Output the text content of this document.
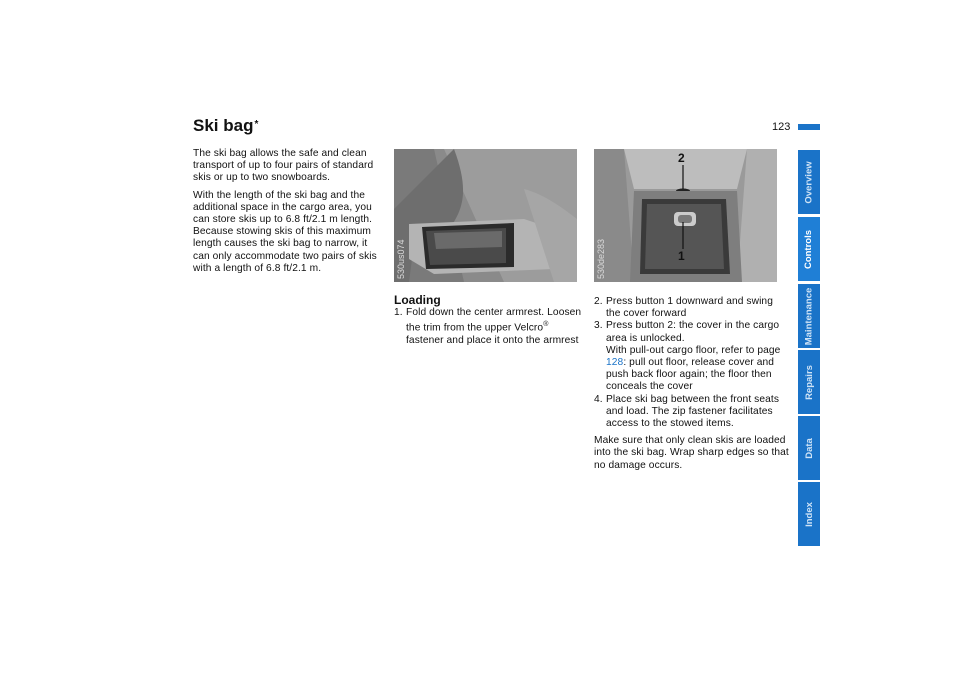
Ski bag*	123

The ski bag allows the safe and clean transport of up to four pairs of standard skis or up to two snowboards.

With the length of the ski bag and the additional space in the cargo area, you can store skis up to 6.8 ft/2.1 m length. Because stowing skis of this maximum length causes the ski bag to narrow, it can only accommodate two pairs of skis with a length of 6.8 ft/2.1 m.	530us074
2
1
530de283
Loading
1. Fold down the center armrest. Loosen the trim from the upper Velcro® fastener and place it onto the armrest
2. Press button 1 downward and swing the cover forward
3. Press button 2: the cover in the cargo area is unlocked.
With pull-out cargo floor, refer to page 128: pull out floor, release cover and push back floor again; the floor then conceals the cover
4. Place ski bag between the front seats and load. The zip fastener facilitates access to the stowed items.

Make sure that only clean skis are loaded into the ski bag. Wrap sharp edges so that no damage occurs.

Overview
Controls
Maintenance
Repairs
Data
Index
